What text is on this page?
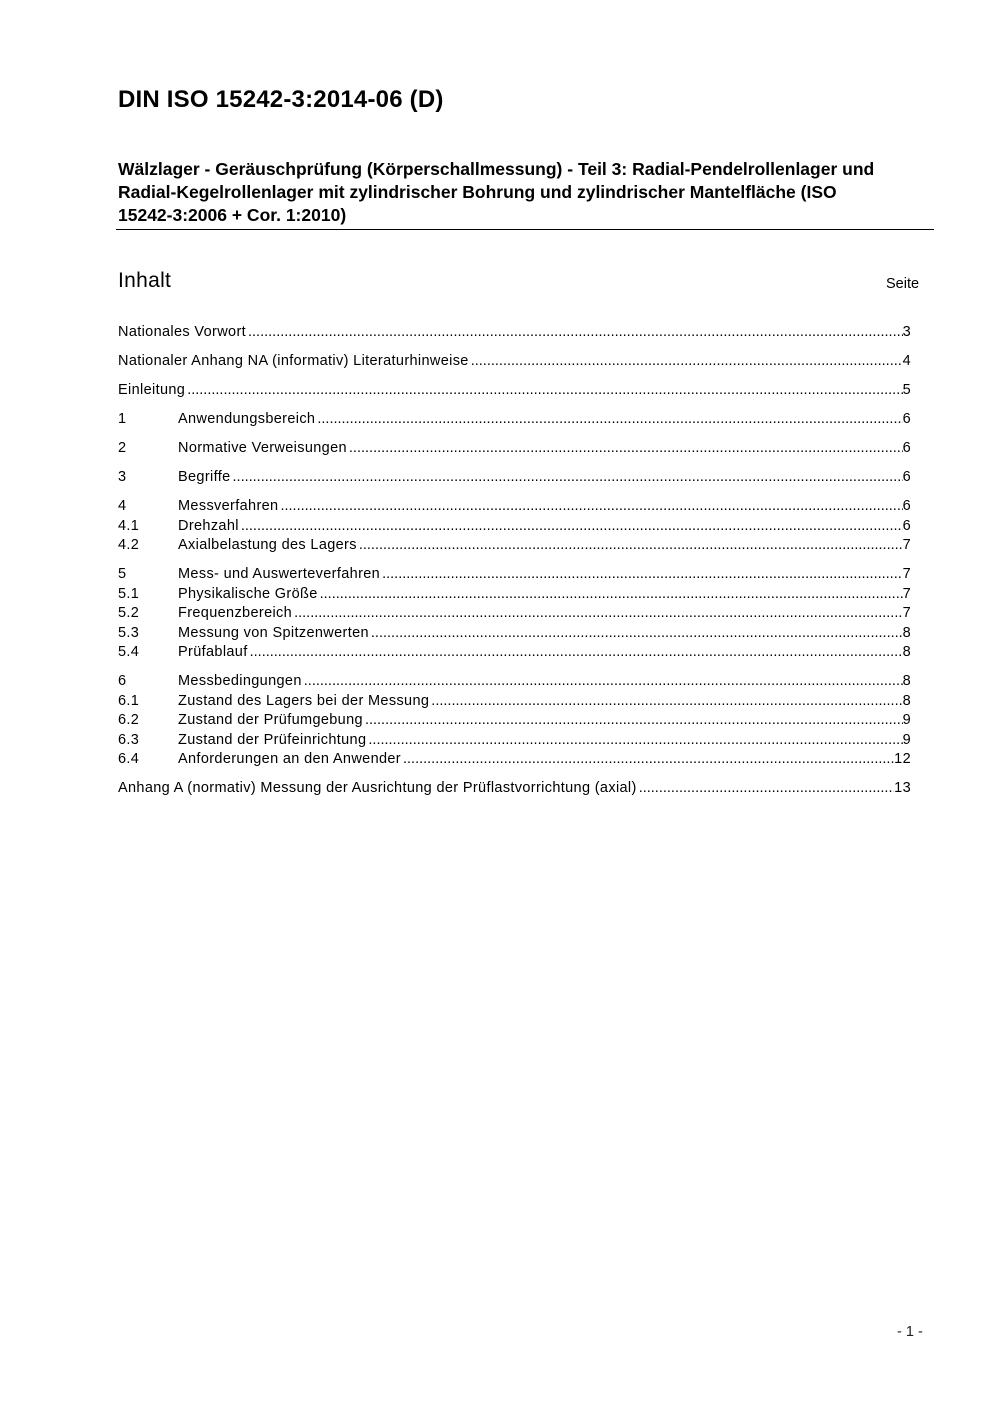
DIN ISO 15242-3:2014-06 (D)

Wälzlager - Geräuschprüfung (Körperschallmessung) - Teil 3: Radial-Pendelrollenlager und Radial-Kegelrollenlager mit zylindrischer Bohrung und zylindrischer Mantelfläche (ISO 15242-3:2006 + Cor. 1:2010)

Inhalt	Seite
Nationales Vorwort .....	3
Nationaler Anhang NA (informativ) Literaturhinweise .....	4
Einleitung .....	5
1	Anwendungsbereich .....	6
2	Normative Verweisungen .....	6
3	Begriffe .....	6
4	Messverfahren .....	6
4.1	Drehzahl .....	6
4.2	Axialbelastung des Lagers .....	7
5	Mess- und Auswerteverfahren .....	7
5.1	Physikalische Größe .....	7
5.2	Frequenzbereich .....	7
5.3	Messung von Spitzenwerten .....	8
5.4	Prüfablauf .....	8
6	Messbedingungen .....	8
6.1	Zustand des Lagers bei der Messung .....	8
6.2	Zustand der Prüfumgebung .....	9
6.3	Zustand der Prüfeinrichtung .....	9
6.4	Anforderungen an den Anwender .....	12
Anhang A (normativ) Messung der Ausrichtung der Prüflastvorrichtung (axial) .....	13
- 1 -
